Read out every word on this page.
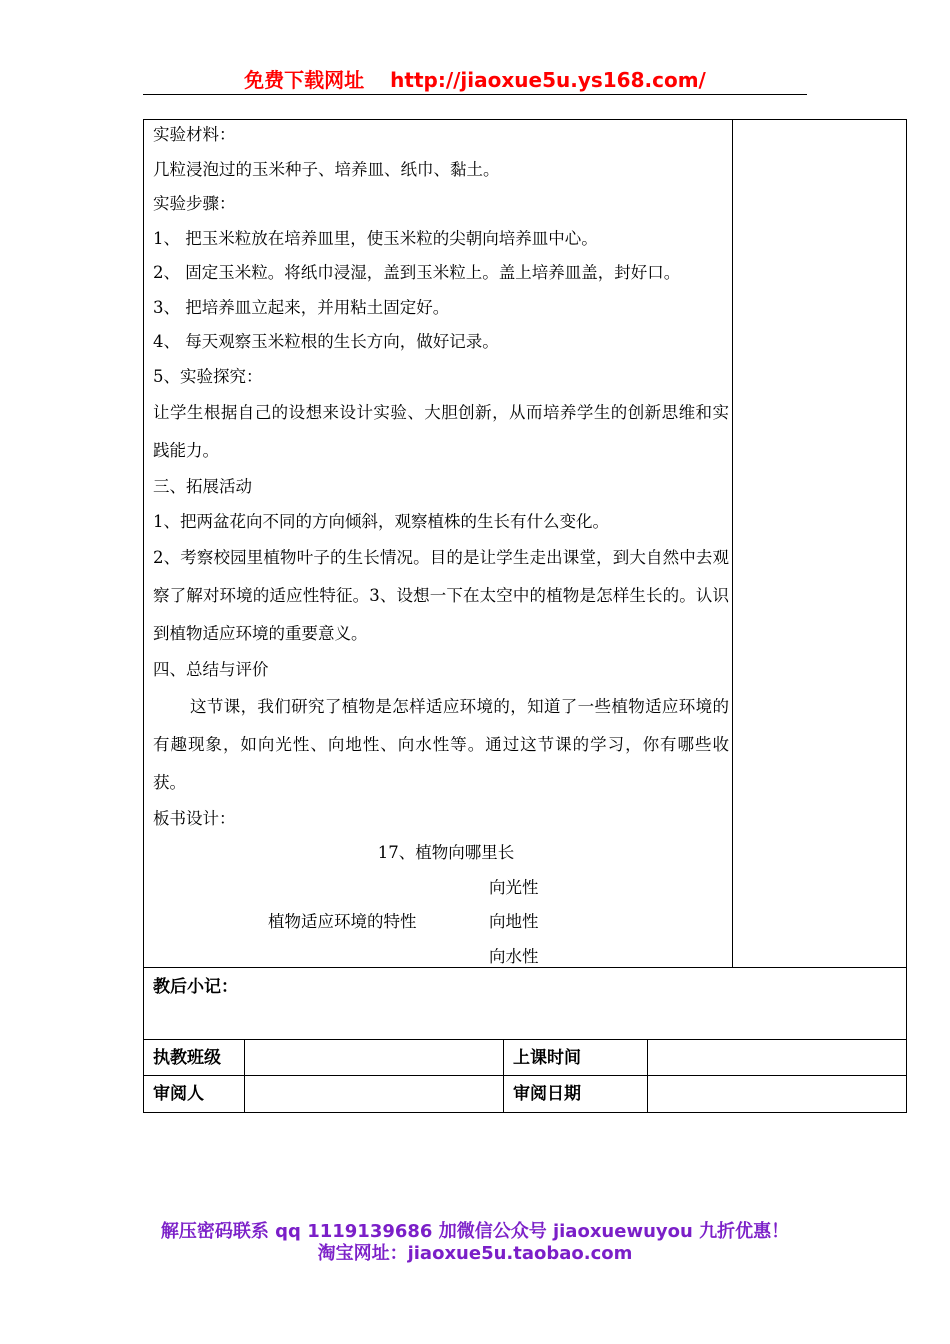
免费下载网址 http://jiaoxue5u.ys168.com/
实验材料：
几粒浸泡过的玉米种子、培养皿、纸巾、黏土。
实验步骤：
1、 把玉米粒放在培养皿里，使玉米粒的尖朝向培养皿中心。
2、 固定玉米粒。将纸巾浸湿，盖到玉米粒上。盖上培养皿盖，封好口。
3、 把培养皿立起来，并用粘土固定好。
4、 每天观察玉米粒根的生长方向，做好记录。
5、实验探究：
让学生根据自己的设想来设计实验、大胆创新，从而培养学生的创新思维和实践能力。
三、拓展活动
1、把两盆花向不同的方向倾斜，观察植株的生长有什么变化。
2、考察校园里植物叶子的生长情况。目的是让学生走出课堂，到大自然中去观察了解对环境的适应性特征。3、设想一下在太空中的植物是怎样生长的。认识到植物适应环境的重要意义。
四、总结与评价
这节课，我们研究了植物是怎样适应环境的，知道了一些植物适应环境的有趣现象，如向光性、向地性、向水性等。通过这节课的学习，你有哪些收获。
板书设计：
17、植物向哪里长
向光性
植物适应环境的特性	向地性
向水性
教后小记：
执教班级	上课时间
审阅人	审阅日期
解压密码联系 qq 1119139686 加微信公众号 jiaoxuewuyou 九折优惠！
淘宝网址：jiaoxue5u.taobao.com
